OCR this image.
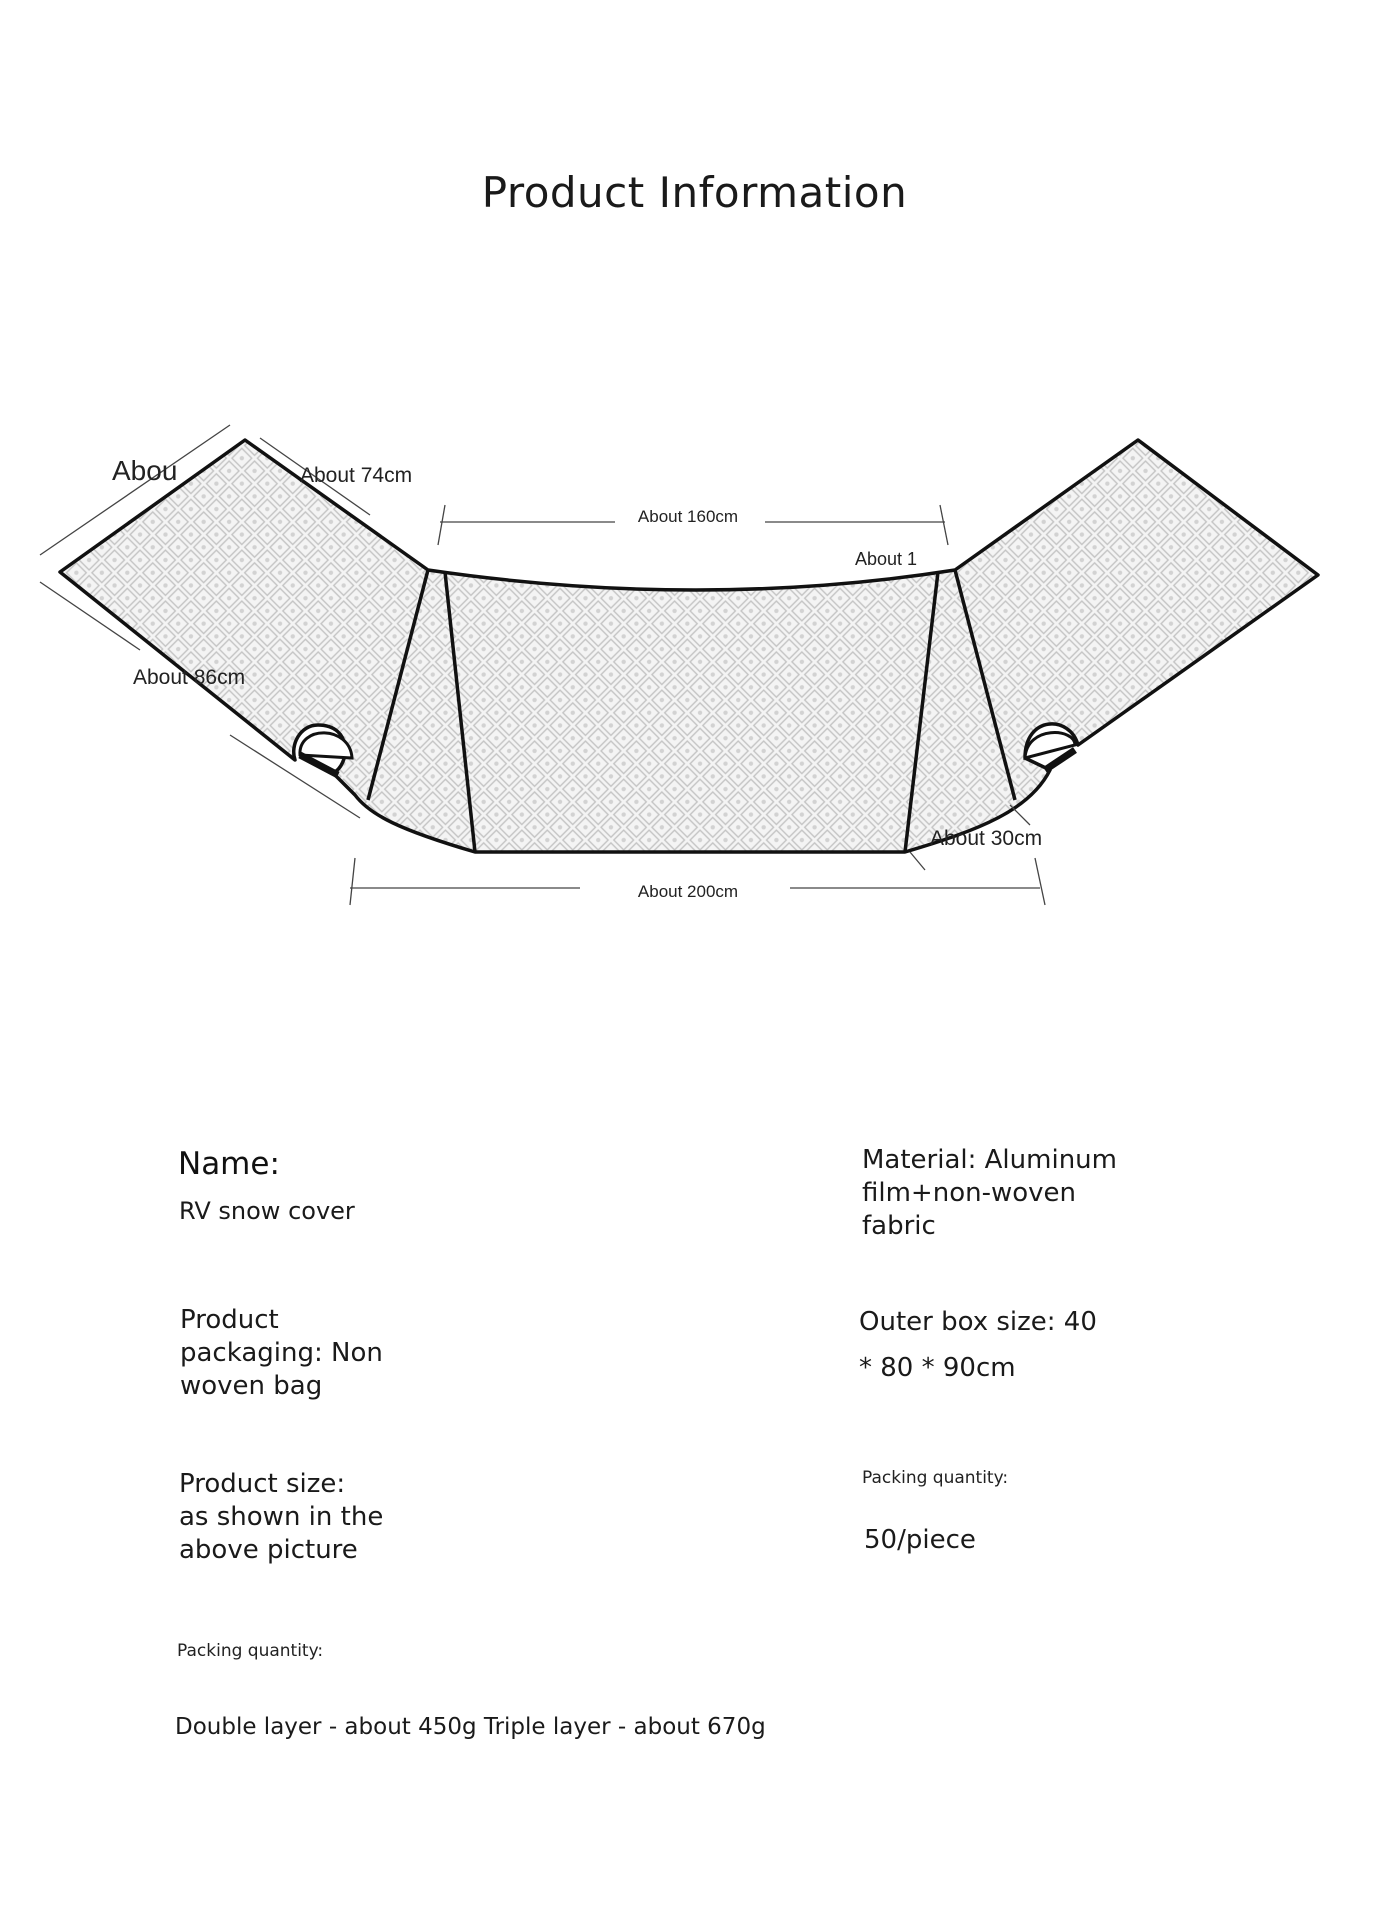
Product Information
About 160cm
About 200cm
About 74cm
About 86cm
About 30cm
Abou
About 1
Name:
RV snow cover
Material: Aluminum
film+non-woven
fabric
Product
packaging: Non
woven bag
Outer box size: 40
* 80 * 90cm
Product size:
as shown in the
above picture
Packing quantity:
50/piece
Packing quantity:
Double layer - about 450g Triple layer - about 670g
